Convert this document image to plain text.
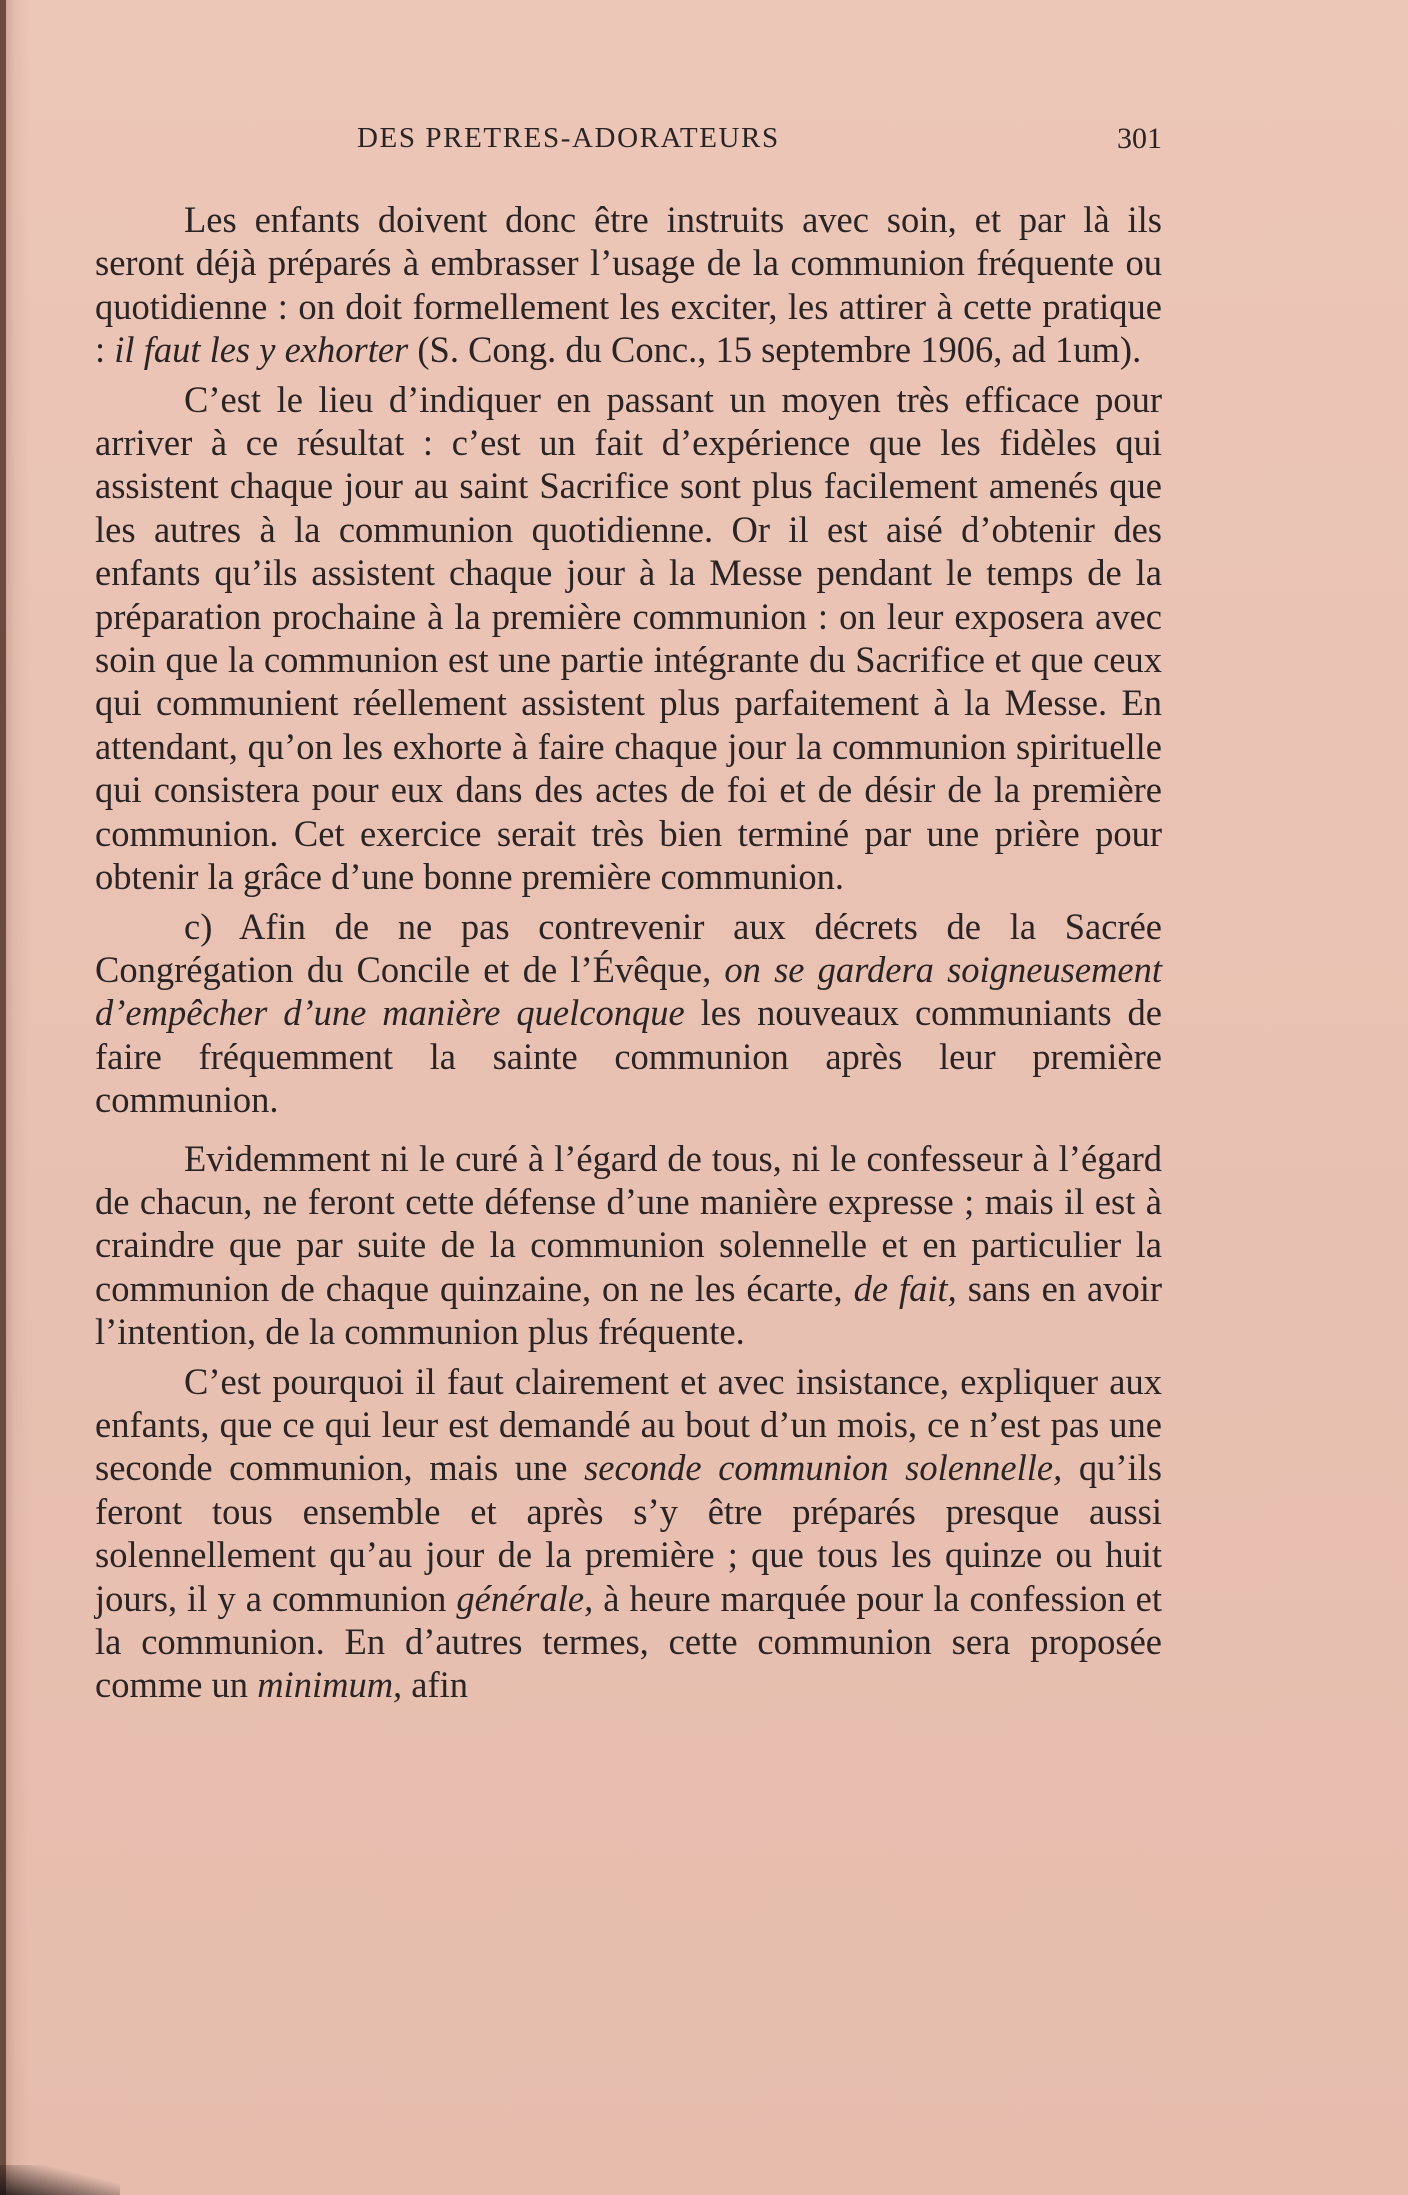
DES PRETRES-ADORATEURS	301

Les enfants doivent donc être instruits avec soin, et par là ils seront déjà préparés à embrasser l’usage de la communion fréquente ou quotidienne : on doit formellement les exciter, les attirer à cette pratique : il faut les y exhorter (S. Cong. du Conc., 15 septembre 1906, ad 1um).

C’est le lieu d’indiquer en passant un moyen très efficace pour arriver à ce résultat : c’est un fait d’expérience que les fidèles qui assistent chaque jour au saint Sacrifice sont plus facilement amenés que les autres à la communion quotidienne. Or il est aisé d’obtenir des enfants qu’ils assistent chaque jour à la Messe pendant le temps de la préparation prochaine à la première communion : on leur exposera avec soin que la communion est une partie intégrante du Sacrifice et que ceux qui communient réellement assistent plus parfaitement à la Messe. En attendant, qu’on les exhorte à faire chaque jour la communion spirituelle qui consistera pour eux dans des actes de foi et de désir de la première communion. Cet exercice serait très bien terminé par une prière pour obtenir la grâce d’une bonne première communion.

c) Afin de ne pas contrevenir aux décrets de la Sacrée Congrégation du Concile et de l’Évêque, on se gardera soigneusement d’empêcher d’une manière quelconque les nouveaux communiants de faire fréquemment la sainte communion après leur première communion.

Evidemment ni le curé à l’égard de tous, ni le confesseur à l’égard de chacun, ne feront cette défense d’une manière expresse ; mais il est à craindre que par suite de la communion solennelle et en particulier la communion de chaque quinzaine, on ne les écarte, de fait, sans en avoir l’intention, de la communion plus fréquente.

C’est pourquoi il faut clairement et avec insistance, expliquer aux enfants, que ce qui leur est demandé au bout d’un mois, ce n’est pas une seconde communion, mais une seconde communion solennelle, qu’ils feront tous ensemble et après s’y être préparés presque aussi solennellement qu’au jour de la première ; que tous les quinze ou huit jours, il y a communion générale, à heure marquée pour la confession et la communion. En d’autres termes, cette communion sera proposée comme un minimum, afin
